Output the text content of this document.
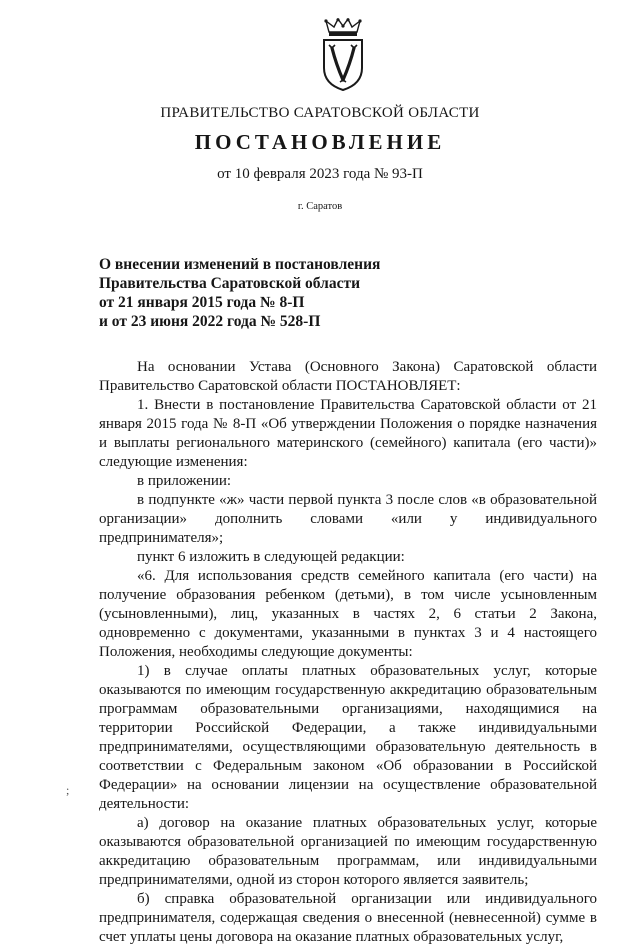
ПРАВИТЕЛЬСТВО САРАТОВСКОЙ ОБЛАСТИ
ПОСТАНОВЛЕНИЕ
от 10 февраля 2023 года № 93-П
г. Саратов
О внесении изменений в постановления
Правительства Саратовской области
от 21 января 2015 года № 8-П
и от 23 июня 2022 года № 528-П

На основании Устава (Основного Закона) Саратовской области Правительство Саратовской области ПОСТАНОВЛЯЕТ:

1. Внести в постановление Правительства Саратовской области от 21 января 2015 года № 8-П «Об утверждении Положения о порядке назначения и выплаты регионального материнского (семейного) капитала (его части)» следующие изменения:

в приложении:

в подпункте «ж» части первой пункта 3 после слов «в образовательной организации» дополнить словами «или у индивидуального предпринимателя»;

пункт 6 изложить в следующей редакции:

«6. Для использования средств семейного капитала (его части) на получение образования ребенком (детьми), в том числе усыновленным (усыновленными), лиц, указанных в частях 2, 6 статьи 2 Закона, одновременно с документами, указанными в пунктах 3 и 4 настоящего Положения, необходимы следующие документы:

1) в случае оплаты платных образовательных услуг, которые оказываются по имеющим государственную аккредитацию образовательным программам образовательными организациями, находящимися на территории Российской Федерации, а также индивидуальными предпринимателями, осуществляющими образовательную деятельность в соответствии с Федеральным законом «Об образовании в Российской Федерации» на основании лицензии на осуществление образовательной деятельности:

а) договор на оказание платных образовательных услуг, которые оказываются образовательной организацией по имеющим государственную аккредитацию образовательным программам, или индивидуальными предпринимателями, одной из сторон которого является заявитель;

б) справка образовательной организации или индивидуального предпринимателя, содержащая сведения о внесенной (невнесенной) сумме в счет уплаты цены договора на оказание платных образовательных услуг,

;
